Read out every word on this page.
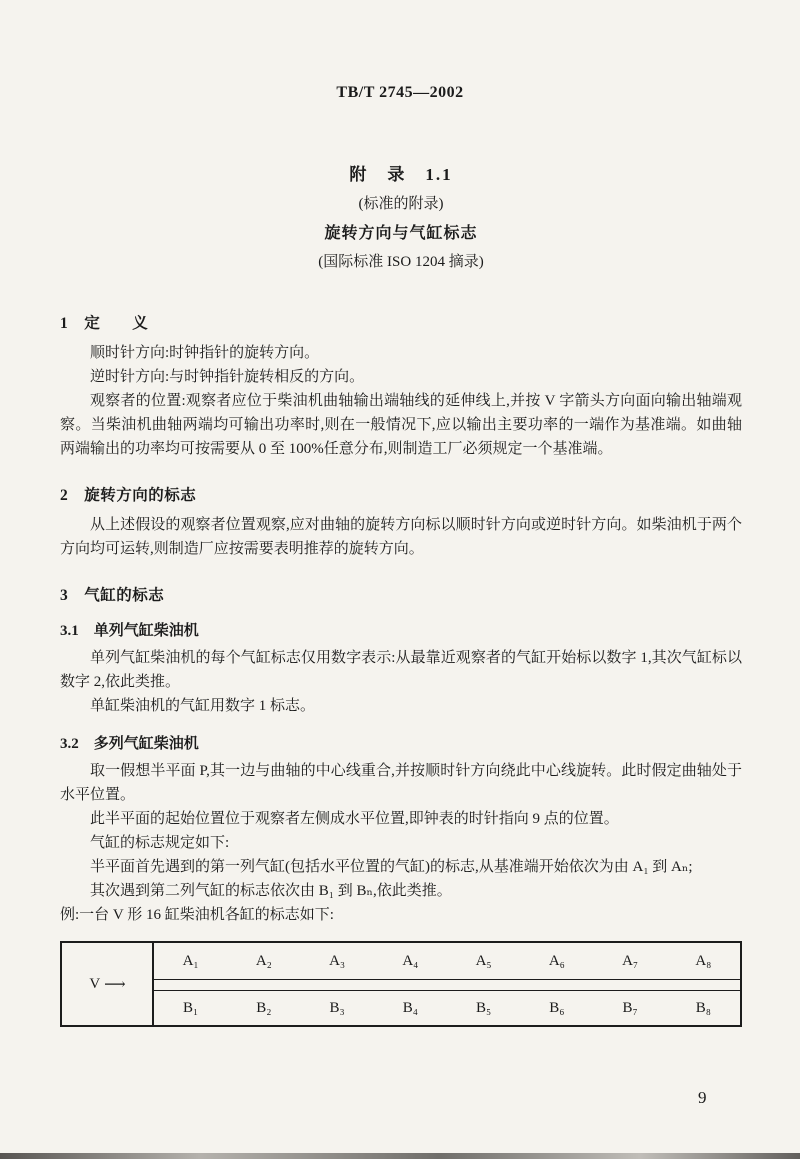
TB/T 2745—2002
附　录　1.1
(标准的附录)
旋转方向与气缸标志
(国际标准 ISO 1204 摘录)
1　定　　义

顺时针方向:时钟指针的旋转方向。

逆时针方向:与时钟指针旋转相反的方向。

观察者的位置:观察者应位于柴油机曲轴输出端轴线的延伸线上,并按 V 字箭头方向面向输出轴端观察。当柴油机曲轴两端均可输出功率时,则在一般情况下,应以输出主要功率的一端作为基准端。如曲轴两端输出的功率均可按需要从 0 至 100%任意分布,则制造工厂必须规定一个基准端。

2　旋转方向的标志

从上述假设的观察者位置观察,应对曲轴的旋转方向标以顺时针方向或逆时针方向。如柴油机于两个方向均可运转,则制造厂应按需要表明推荐的旋转方向。

3　气缸的标志
3.1　单列气缸柴油机

单列气缸柴油机的每个气缸标志仅用数字表示:从最靠近观察者的气缸开始标以数字 1,其次气缸标以数字 2,依此类推。

单缸柴油机的气缸用数字 1 标志。

3.2　多列气缸柴油机

取一假想半平面 P,其一边与曲轴的中心线重合,并按顺时针方向绕此中心线旋转。此时假定曲轴处于水平位置。

此半平面的起始位置位于观察者左侧成水平位置,即钟表的时针指向 9 点的位置。

气缸的标志规定如下:

半平面首先遇到的第一列气缸(包括水平位置的气缸)的标志,从基准端开始依次为由 A₁ 到 Aₙ;

其次遇到第二列气缸的标志依次由 B₁ 到 Bₙ,依此类推。

例:一台 V 形 16 缸柴油机各缸的标志如下:

V ⟶
A₁	A₂	A₃	A₄	A₅	A₆	A₇	A₈
B₁	B₂	B₃	B₄	B₅	B₆	B₇	B₈
9
